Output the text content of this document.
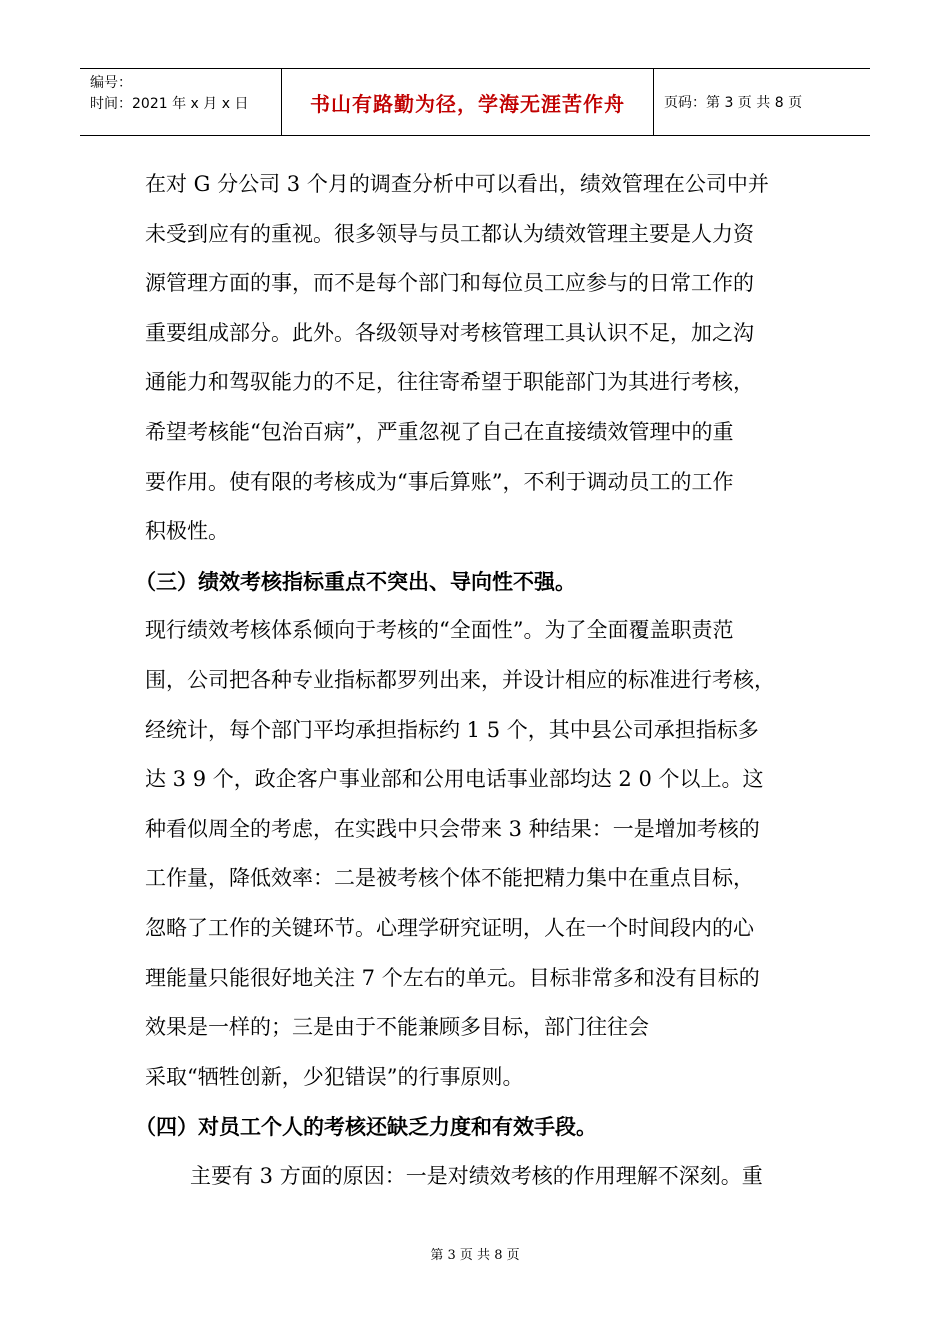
编号：
时间：2021 年 x 月 x 日	书山有路勤为径，学海无涯苦作舟	页码：第 3 页 共 8 页
在对 G 分公司 3 个月的调查分析中可以看出，绩效管理在公司中并
未受到应有的重视。很多领导与员工都认为绩效管理主要是人力资
源管理方面的事，而不是每个部门和每位员工应参与的日常工作的
重要组成部分。此外。各级领导对考核管理工具认识不足，加之沟
通能力和驾驭能力的不足，往往寄希望于职能部门为其进行考核，
希望考核能“包治百病”，严重忽视了自己在直接绩效管理中的重
要作用。使有限的考核成为“事后算账”，不利于调动员工的工作
积极性。
（三）绩效考核指标重点不突出、导向性不强。
现行绩效考核体系倾向于考核的“全面性”。为了全面覆盖职责范
围，公司把各种专业指标都罗列出来，并设计相应的标准进行考核，
经统计，每个部门平均承担指标约 1 5 个，其中县公司承担指标多
达 3 9 个，政企客户事业部和公用电话事业部均达 2 0 个以上。这
种看似周全的考虑，在实践中只会带来 3 种结果：一是增加考核的
工作量，降低效率：二是被考核个体不能把精力集中在重点目标，
忽略了工作的关键环节。心理学研究证明，人在一个时间段内的心
理能量只能很好地关注 7 个左右的单元。目标非常多和没有目标的
效果是一样的；三是由于不能兼顾多目标，部门往往会
采取“牺牲创新，少犯错误”的行事原则。
（四）对员工个人的考核还缺乏力度和有效手段。
主要有 3 方面的原因：一是对绩效考核的作用理解不深刻。重
第 3 页 共 8 页
